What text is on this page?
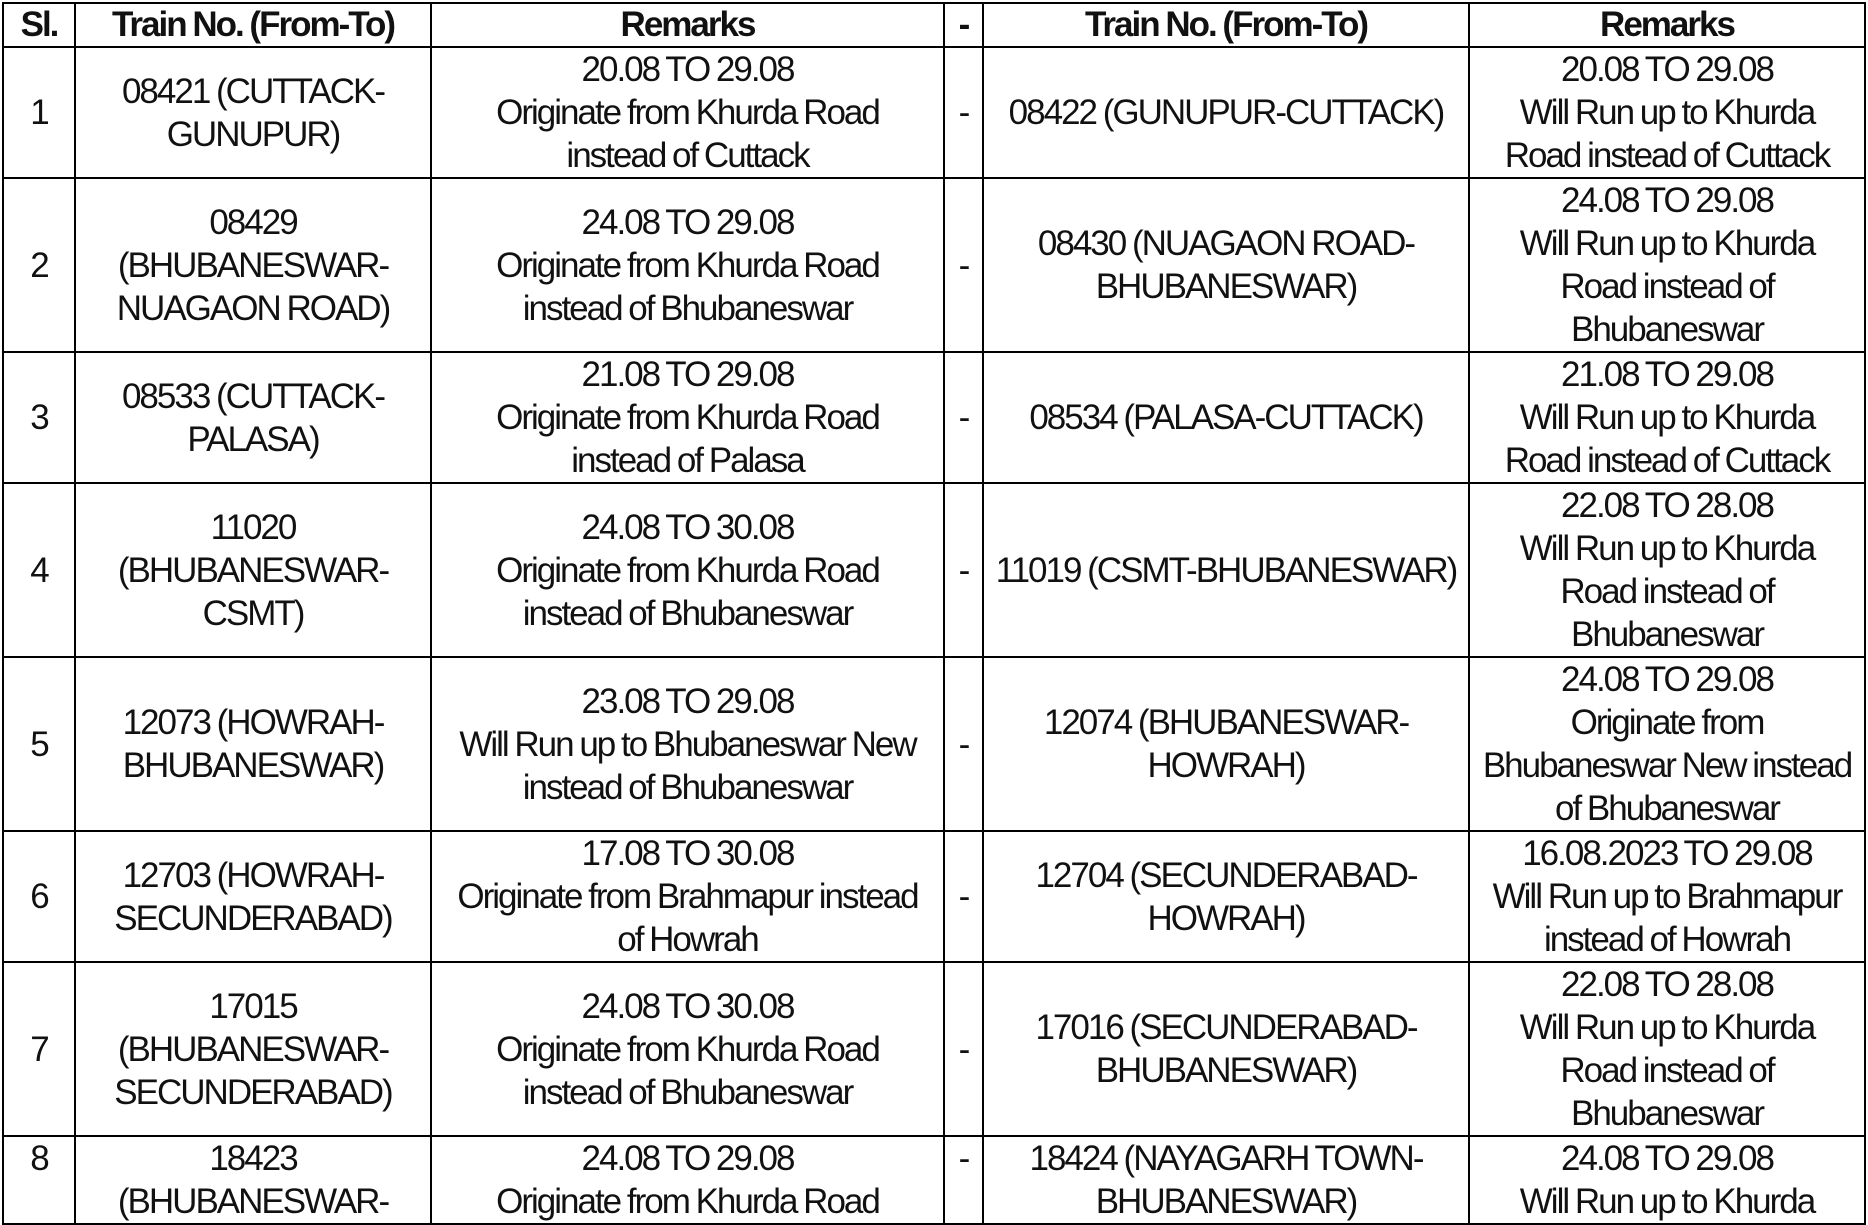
Sl.	Train No. (From-To)	Remarks	-	Train No. (From-To)	Remarks
1	08421 (CUTTACK-
GUNUPUR)	20.08 TO 29.08
Originate from Khurda Road
instead of Cuttack	-	08422 (GUNUPUR-CUTTACK)	20.08 TO 29.08
Will Run up to Khurda
Road instead of Cuttack

2	08429
(BHUBANESWAR-
NUAGAON ROAD)	24.08 TO 29.08
Originate from Khurda Road
instead of Bhubaneswar	-	08430 (NUAGAON ROAD-
BHUBANESWAR)	24.08 TO 29.08
Will Run up to Khurda
Road instead of
Bhubaneswar

3	08533 (CUTTACK-
PALASA)	21.08 TO 29.08
Originate from Khurda Road
instead of Palasa	-	08534 (PALASA-CUTTACK)	21.08 TO 29.08
Will Run up to Khurda
Road instead of Cuttack

4	11020
(BHUBANESWAR-
CSMT)	24.08 TO 30.08
Originate from Khurda Road
instead of Bhubaneswar	-	11019 (CSMT-BHUBANESWAR)	22.08 TO 28.08
Will Run up to Khurda
Road instead of
Bhubaneswar

5	12073 (HOWRAH-
BHUBANESWAR)	23.08 TO 29.08
Will Run up to Bhubaneswar New
instead of Bhubaneswar	-	12074 (BHUBANESWAR-
HOWRAH)	24.08 TO 29.08
Originate from
Bhubaneswar New instead
of Bhubaneswar

6	12703 (HOWRAH-
SECUNDERABAD)	17.08 TO 30.08
Originate from Brahmapur instead
of Howrah	-	12704 (SECUNDERABAD-
HOWRAH)	16.08.2023 TO 29.08
Will Run up to Brahmapur
instead of Howrah

7	17015
(BHUBANESWAR-
SECUNDERABAD)	24.08 TO 30.08
Originate from Khurda Road
instead of Bhubaneswar	-	17016 (SECUNDERABAD-
BHUBANESWAR)	22.08 TO 28.08
Will Run up to Khurda
Road instead of
Bhubaneswar

8	18423
(BHUBANESWAR-	24.08 TO 29.08
Originate from Khurda Road	-	18424 (NAYAGARH TOWN-
BHUBANESWAR)	24.08 TO 29.08
Will Run up to Khurda
